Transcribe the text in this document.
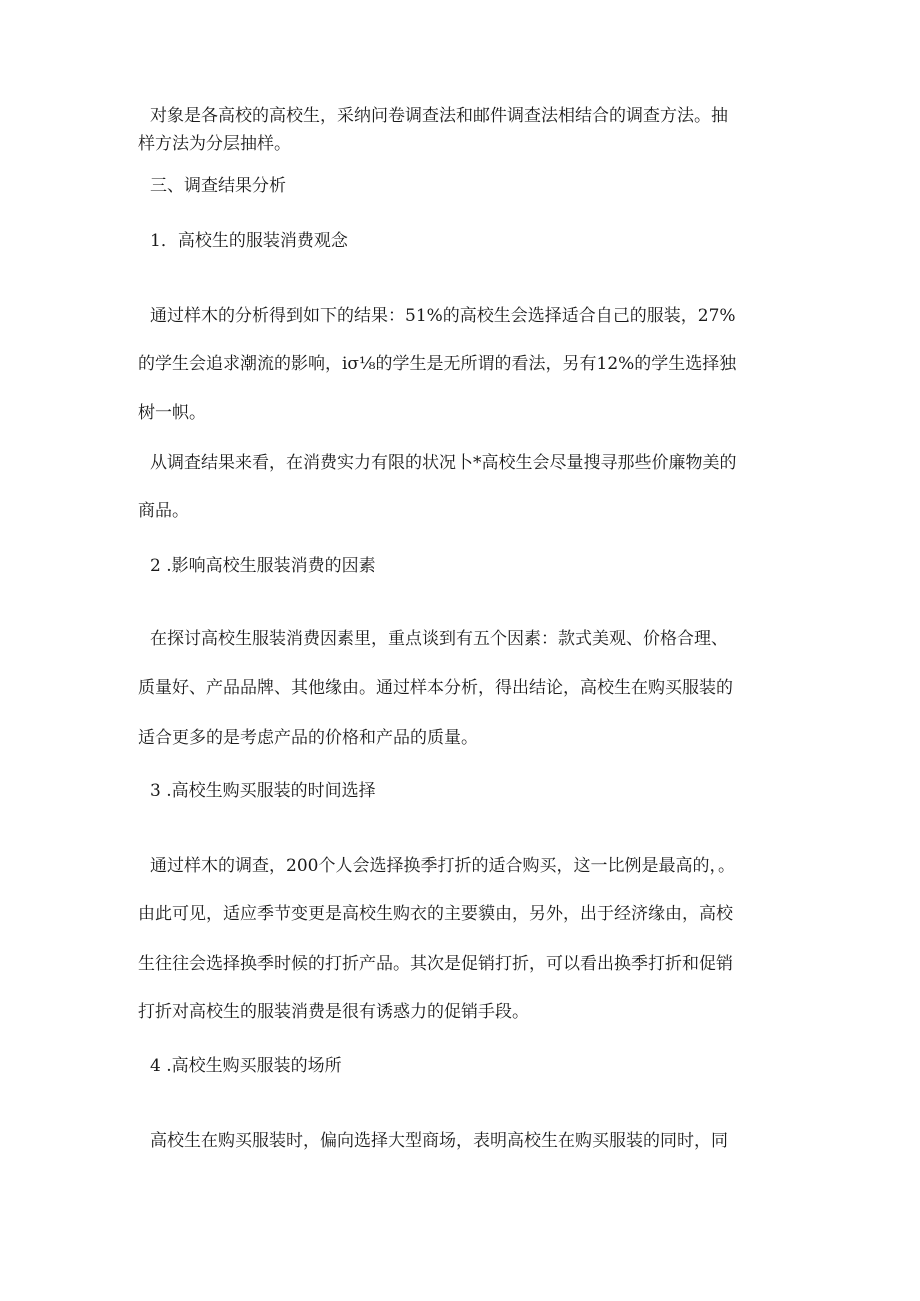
对象是各高校的高校生，采纳问卷调查法和邮件调查法相结合的调查方法。抽
样方法为分层抽样。
三、调查结果分析
1．高校生的服装消费观念
通过样木的分析得到如下的结果：51%的高校生会选择适合自己的服装，27%
的学生会追求潮流的影响，iσ⅛的学生是无所谓的看法，另有12%的学生选择独
树一帜。
从调査结果来看，在消费实力有限的状况卜*高校生会尽量搜寻那些价廉物美的
商品。
2 .影响高校生服装消费的因素
在探讨高校生服装消费因素里，重点谈到有五个因素：款式美观、价格合理、
质量好、产品品牌、其他缘由。通过样本分析，得出结论，高校生在购买服装的
适合更多的是考虑产品的价格和产品的质量。
3 .高校生购买服装的时间选择
通过样木的调查，200个人会选择换季打折的适合购买，这一比例是最高的，。
由此可见，适应季节变更是高校生购衣的主要貘由，另外，出于经济缘由，高校
生往往会选择换季时候的打折产品。其次是促销打折，可以看出换季打折和促销
打折对高校生的服装消费是很有诱惑力的促销手段。
4 .高校生购买服装的场所
高校生在购买服装时，偏向选择大型商场，表明高校生在购买服装的同时，同
